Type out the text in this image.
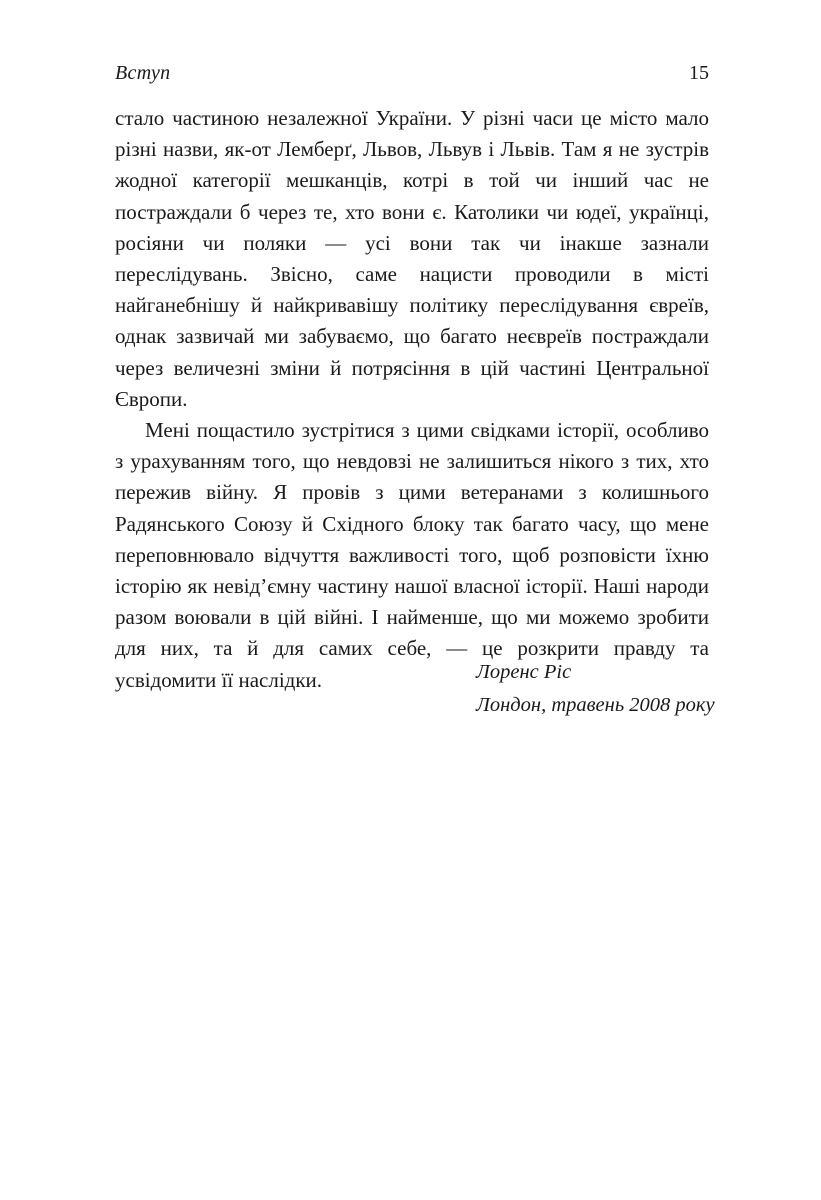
Вступ	15

стало частиною незалежної України. У різні часи це місто мало різні назви, як-от Лемберґ, Львов, Львув і Львів. Там я не зустрів жодної категорії мешканців, котрі в той чи інший час не постраждали б через те, хто вони є. Католики чи юдеї, українці, росіяни чи поляки — усі вони так чи інакше зазнали переслідувань. Звісно, саме нацисти проводили в місті найганебнішу й найкривавішу політику переслідування євреїв, однак зазвичай ми забуваємо, що багато неєвреїв постраждали через величезні зміни й потрясіння в цій частині Центральної Європи.

Мені пощастило зустрітися з цими свідками історії, особливо з урахуванням того, що невдовзі не залишиться нікого з тих, хто пережив війну. Я провів з цими ветеранами з колишнього Радянського Союзу й Східного блоку так багато часу, що мене переповнювало відчуття важливості того, щоб розповісти їхню історію як невід’ємну частину нашої власної історії. Наші народи разом воювали в цій війні. І найменше, що ми можемо зробити для них, та й для самих себе, — це розкрити правду та усвідомити її наслідки.	Лоренс Ріс
Лондон, травень 2008 року
